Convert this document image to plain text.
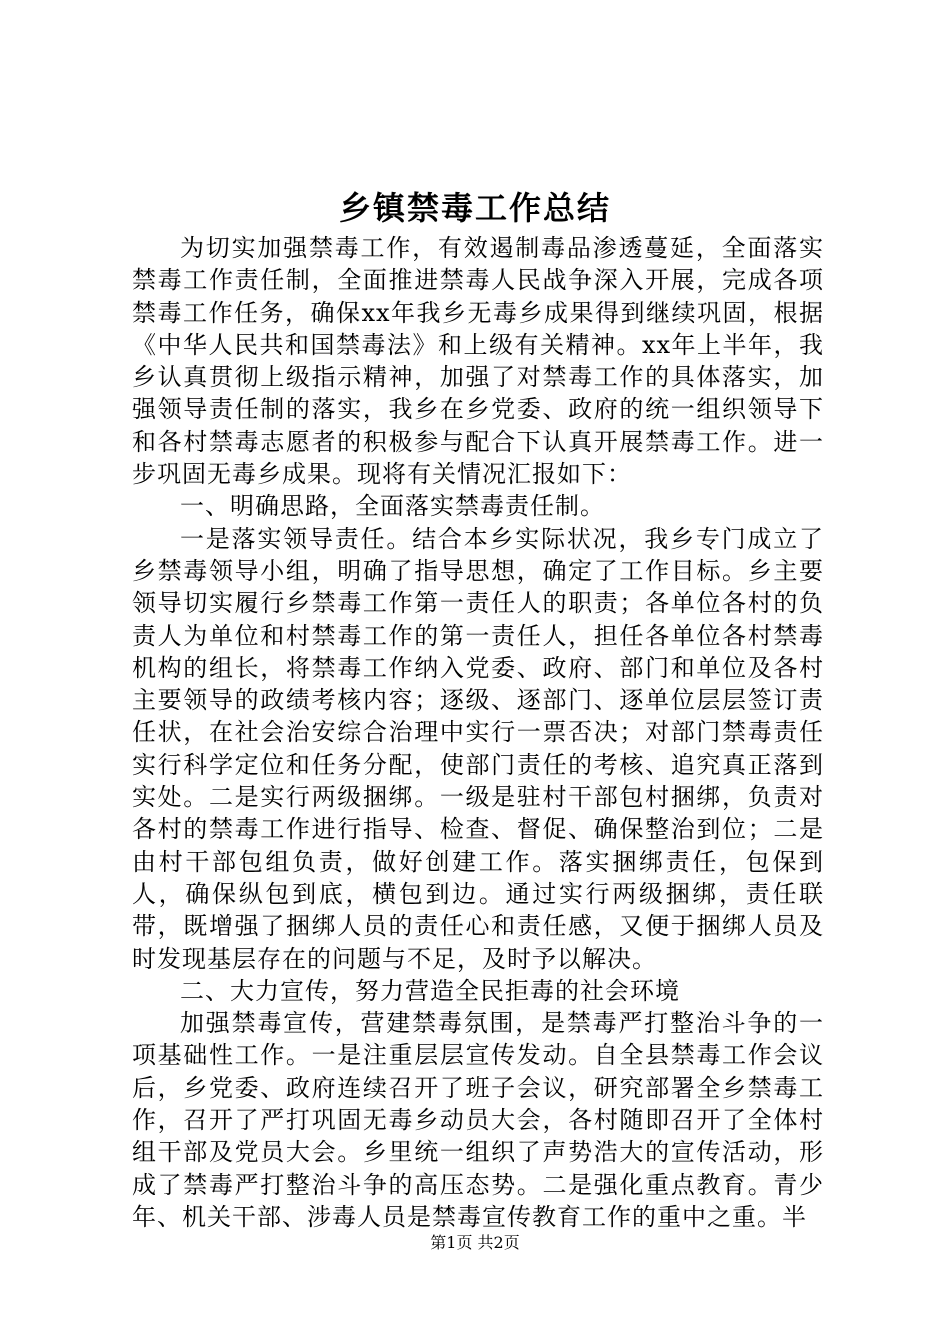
乡镇禁毒工作总结

为切实加强禁毒工作，有效遏制毒品渗透蔓延，全面落实禁毒工作责任制，全面推进禁毒人民战争深入开展，完成各项禁毒工作任务，确保xx年我乡无毒乡成果得到继续巩固，根据《中华人民共和国禁毒法》和上级有关精神。xx年上半年，我乡认真贯彻上级指示精神，加强了对禁毒工作的具体落实，加强领导责任制的落实，我乡在乡党委、政府的统一组织领导下和各村禁毒志愿者的积极参与配合下认真开展禁毒工作。进一步巩固无毒乡成果。现将有关情况汇报如下：

一、明确思路，全面落实禁毒责任制。

一是落实领导责任。结合本乡实际状况，我乡专门成立了乡禁毒领导小组，明确了指导思想，确定了工作目标。乡主要领导切实履行乡禁毒工作第一责任人的职责；各单位各村的负责人为单位和村禁毒工作的第一责任人，担任各单位各村禁毒机构的组长，将禁毒工作纳入党委、政府、部门和单位及各村主要领导的政绩考核内容；逐级、逐部门、逐单位层层签订责任状，在社会治安综合治理中实行一票否决；对部门禁毒责任实行科学定位和任务分配，使部门责任的考核、追究真正落到实处。二是实行两级捆绑。一级是驻村干部包村捆绑，负责对各村的禁毒工作进行指导、检查、督促、确保整治到位；二是由村干部包组负责，做好创建工作。落实捆绑责任，包保到人，确保纵包到底，横包到边。通过实行两级捆绑，责任联带，既增强了捆绑人员的责任心和责任感，又便于捆绑人员及时发现基层存在的问题与不足，及时予以解决。

二、大力宣传，努力营造全民拒毒的社会环境

加强禁毒宣传，营建禁毒氛围，是禁毒严打整治斗争的一项基础性工作。一是注重层层宣传发动。自全县禁毒工作会议后，乡党委、政府连续召开了班子会议，研究部署全乡禁毒工作，召开了严打巩固无毒乡动员大会，各村随即召开了全体村组干部及党员大会。乡里统一组织了声势浩大的宣传活动，形成了禁毒严打整治斗争的高压态势。二是强化重点教育。青少年、机关干部、涉毒人员是禁毒宣传教育工作的重中之重。半

第1页 共2页
